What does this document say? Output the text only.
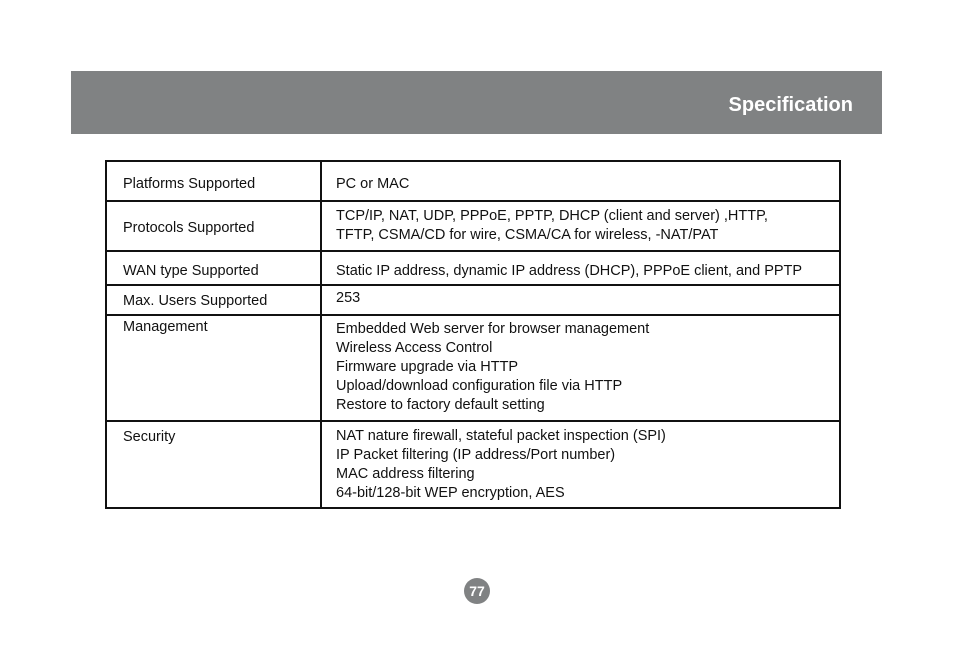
Specification
Platforms Supported	PC or MAC

Protocols Supported	TCP/IP, NAT, UDP, PPPoE, PPTP, DHCP (client and server) ,HTTP,
TFTP, CSMA/CD for wire, CSMA/CA for wireless, -NAT/PAT

WAN type Supported	Static IP address, dynamic IP address (DHCP), PPPoE client, and PPTP

Max. Users Supported	253

Management	Embedded Web server for browser management
Wireless Access Control
Firmware upgrade via HTTP
Upload/download configuration file via HTTP
Restore to factory default setting

Security	NAT nature firewall, stateful packet inspection (SPI)
IP Packet filtering (IP address/Port number)
MAC address filtering
64-bit/128-bit WEP encryption, AES
77
